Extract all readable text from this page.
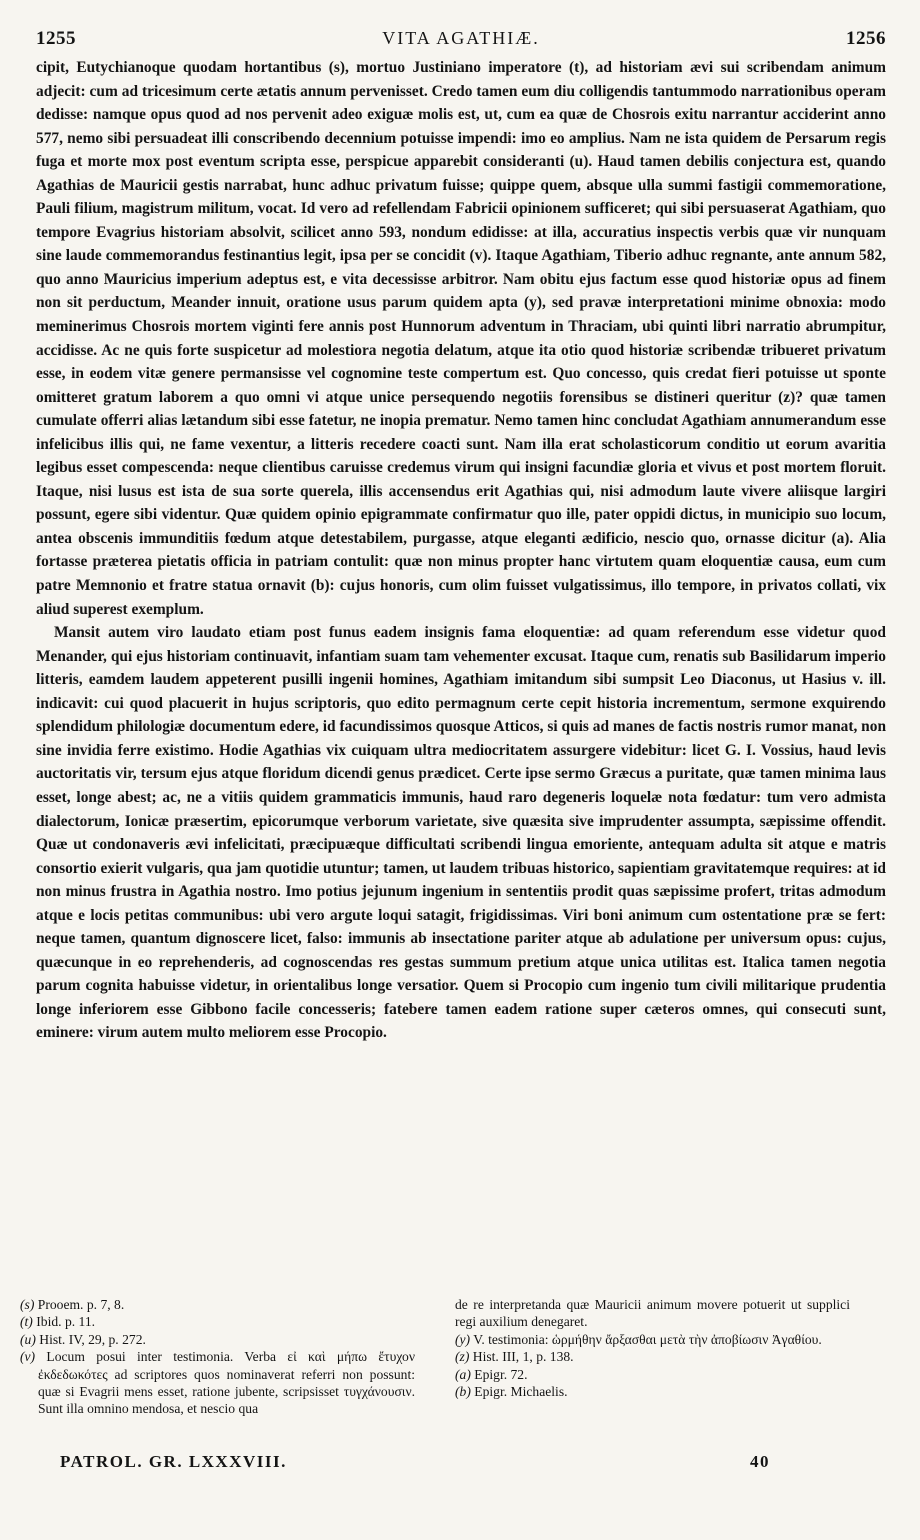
1255	VITA AGATHIÆ.	1256

cipit, Eutychianoque quodam hortantibus (s), mortuo Justiniano imperatore (t), ad historiam ævi sui scribendam animum adjecit: cum ad tricesimum certe ætatis annum pervenisset. Credo tamen eum diu colligendis tantummodo narrationibus operam dedisse: namque opus quod ad nos pervenit adeo exiguæ molis est, ut, cum ea quæ de Chosrois exitu narrantur acciderint anno 577, nemo sibi persuadeat illi conscribendo decennium potuisse impendi: imo eo amplius. Nam ne ista quidem de Persarum regis fuga et morte mox post eventum scripta esse, perspicue apparebit consideranti (u). Haud tamen debilis conjectura est, quando Agathias de Mauricii gestis narrabat, hunc adhuc privatum fuisse; quippe quem, absque ulla summi fastigii commemoratione, Pauli filium, magistrum militum, vocat. Id vero ad refellendam Fabricii opinionem sufficeret; qui sibi persuaserat Agathiam, quo tempore Evagrius historiam absolvit, scilicet anno 593, nondum edidisse: at illa, accuratius inspectis verbis quæ vir nunquam sine laude commemorandus festinantius legit, ipsa per se concidit (v). Itaque Agathiam, Tiberio adhuc regnante, ante annum 582, quo anno Mauricius imperium adeptus est, e vita decessisse arbitror. Nam obitu ejus factum esse quod historiæ opus ad finem non sit perductum, Meander innuit, oratione usus parum quidem apta (y), sed pravæ interpretationi minime obnoxia: modo meminerimus Chosrois mortem viginti fere annis post Hunnorum adventum in Thraciam, ubi quinti libri narratio abrumpitur, accidisse. Ac ne quis forte suspicetur ad molestiora negotia delatum, atque ita otio quod historiæ scribendæ tribueret privatum esse, in eodem vitæ genere permansisse vel cognomine teste compertum est. Quo concesso, quis credat fieri potuisse ut sponte omitteret gratum laborem a quo omni vi atque unice persequendo negotiis forensibus se distineri queritur (z)? quæ tamen cumulate offerri alias lætandum sibi esse fatetur, ne inopia prematur. Nemo tamen hinc concludat Agathiam annumerandum esse infelicibus illis qui, ne fame vexentur, a litteris recedere coacti sunt. Nam illa erat scholasticorum conditio ut eorum avaritia legibus esset compescenda: neque clientibus caruisse credemus virum qui insigni facundiæ gloria et vivus et post mortem floruit. Itaque, nisi lusus est ista de sua sorte querela, illis accensendus erit Agathias qui, nisi admodum laute vivere aliisque largiri possunt, egere sibi videntur. Quæ quidem opinio epigrammate confirmatur quo ille, pater oppidi dictus, in municipio suo locum, antea obscenis immunditiis fœdum atque detestabilem, purgasse, atque eleganti ædificio, nescio quo, ornasse dicitur (a). Alia fortasse præterea pietatis officia in patriam contulit: quæ non minus propter hanc virtutem quam eloquentiæ causa, eum cum patre Memnonio et fratre statua ornavit (b): cujus honoris, cum olim fuisset vulgatissimus, illo tempore, in privatos collati, vix aliud superest exemplum.

Mansit autem viro laudato etiam post funus eadem insignis fama eloquentiæ: ad quam referendum esse videtur quod Menander, qui ejus historiam continuavit, infantiam suam tam vehementer excusat. Itaque cum, renatis sub Basilidarum imperio litteris, eamdem laudem appeterent pusilli ingenii homines, Agathiam imitandum sibi sumpsit Leo Diaconus, ut Hasius v. ill. indicavit: cui quod placuerit in hujus scriptoris, quo edito permagnum certe cepit historia incrementum, sermone exquirendo splendidum philologiæ documentum edere, id facundissimos quosque Atticos, si quis ad manes de factis nostris rumor manat, non sine invidia ferre existimo. Hodie Agathias vix cuiquam ultra mediocritatem assurgere videbitur: licet G. I. Vossius, haud levis auctoritatis vir, tersum ejus atque floridum dicendi genus prædicet. Certe ipse sermo Græcus a puritate, quæ tamen minima laus esset, longe abest; ac, ne a vitiis quidem grammaticis immunis, haud raro degeneris loquelæ nota fœdatur: tum vero admista dialectorum, Ionicæ præsertim, epicorumque verborum varietate, sive quæsita sive imprudenter assumpta, sæpissime offendit. Quæ ut condonaveris ævi infelicitati, præcipuæque difficultati scribendi lingua emoriente, antequam adulta sit atque e matris consortio exierit vulgaris, qua jam quotidie utuntur; tamen, ut laudem tribuas historico, sapientiam gravitatemque requires: at id non minus frustra in Agathia nostro. Imo potius jejunum ingenium in sententiis prodit quas sæpissime profert, tritas admodum atque e locis petitas communibus: ubi vero argute loqui satagit, frigidissimas. Viri boni animum cum ostentatione præ se fert: neque tamen, quantum dignoscere licet, falso: immunis ab insectatione pariter atque ab adulatione per universum opus: cujus, quæcunque in eo reprehenderis, ad cognoscendas res gestas summum pretium atque unica utilitas est. Italica tamen negotia parum cognita habuisse videtur, in orientalibus longe versatior. Quem si Procopio cum ingenio tum civili militarique prudentia longe inferiorem esse Gibbono facile concesseris; fatebere tamen eadem ratione super cæteros omnes, qui consecuti sunt, eminere: virum autem multo meliorem esse Procopio.

(s) Prooem. p. 7, 8.

(t) Ibid. p. 11.

(u) Hist. IV, 29, p. 272.

(v) Locum posui inter testimonia. Verba εἰ καὶ μήπω ἔτυχον ἐκδεδωκότες ad scriptores quos nominaverat referri non possunt: quæ si Evagrii mens esset, ratione jubente, scripsisset τυγχάνουσιν. Sunt illa omnino mendosa, et nescio qua

de re interpretanda quæ Mauricii animum movere potuerit ut supplici regi auxilium denegaret.

(y) V. testimonia: ὡρμήθην ἄρξασθαι μετὰ τὴν ἀποβίωσιν Ἀγαθίου.

(z) Hist. III, 1, p. 138.

(a) Epigr. 72.

(b) Epigr. Michaelis.

PATROL. GR. LXXXVIII.	40
